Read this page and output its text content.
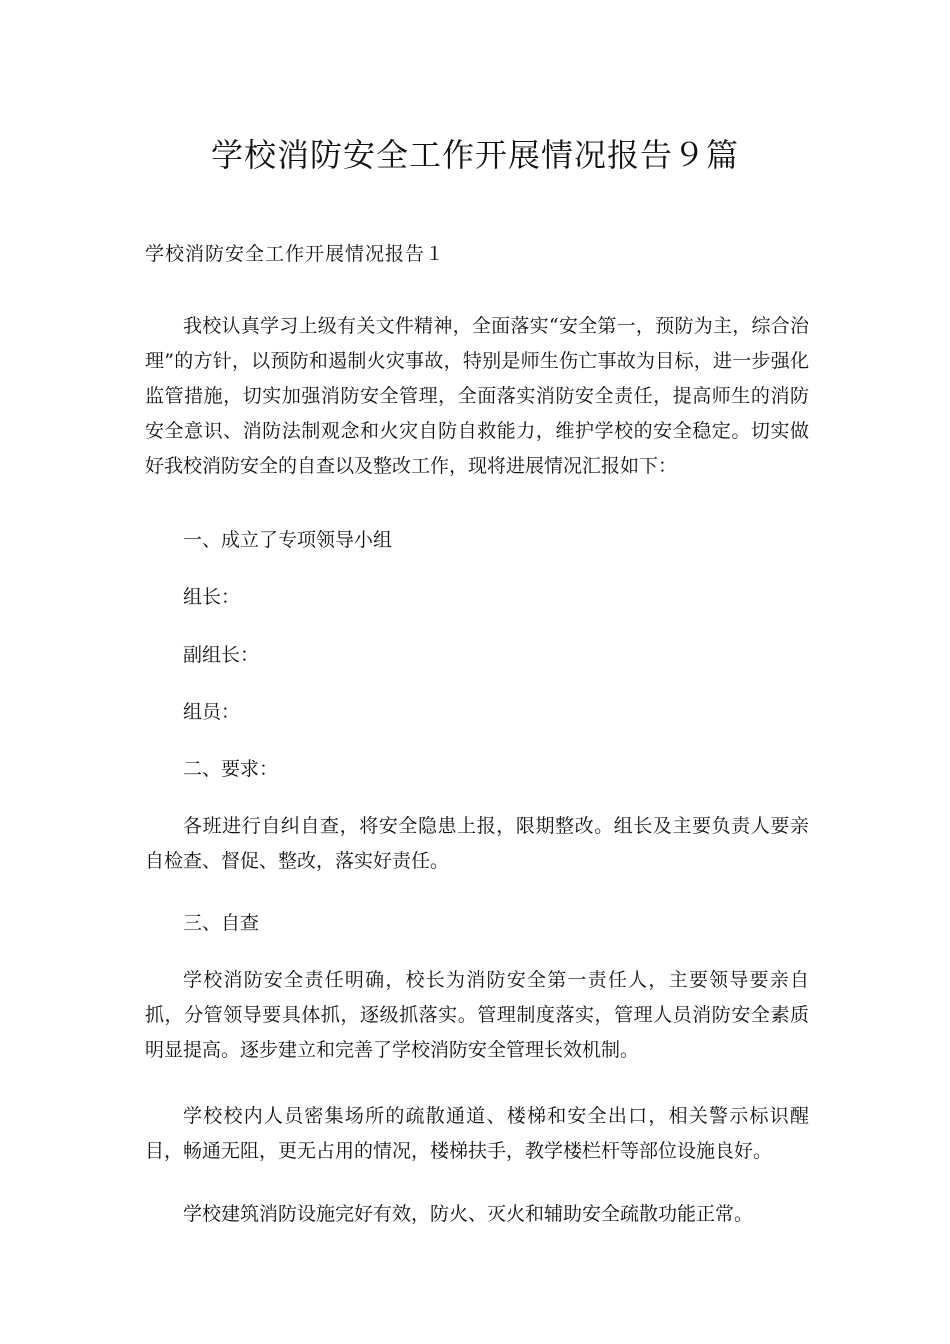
学校消防安全工作开展情况报告９篇
学校消防安全工作开展情况报告１

我校认真学习上级有关文件精神，全面落实“安全第一，预防为主，综合治理”的方针，以预防和遏制火灾事故，特别是师生伤亡事故为目标，进一步强化监管措施，切实加强消防安全管理，全面落实消防安全责任，提高师生的消防安全意识、消防法制观念和火灾自防自救能力，维护学校的安全稳定。切实做好我校消防安全的自查以及整改工作，现将进展情况汇报如下：

一、成立了专项领导小组

组长：

副组长：

组员：

二、要求：

各班进行自纠自查，将安全隐患上报，限期整改。组长及主要负责人要亲自检查、督促、整改，落实好责任。

三、自查

学校消防安全责任明确，校长为消防安全第一责任人，主要领导要亲自抓，分管领导要具体抓，逐级抓落实。管理制度落实，管理人员消防安全素质明显提高。逐步建立和完善了学校消防安全管理长效机制。

学校校内人员密集场所的疏散通道、楼梯和安全出口，相关警示标识醒目，畅通无阻，更无占用的情况，楼梯扶手，教学楼栏杆等部位设施良好。

学校建筑消防设施完好有效，防火、灭火和辅助安全疏散功能正常。
